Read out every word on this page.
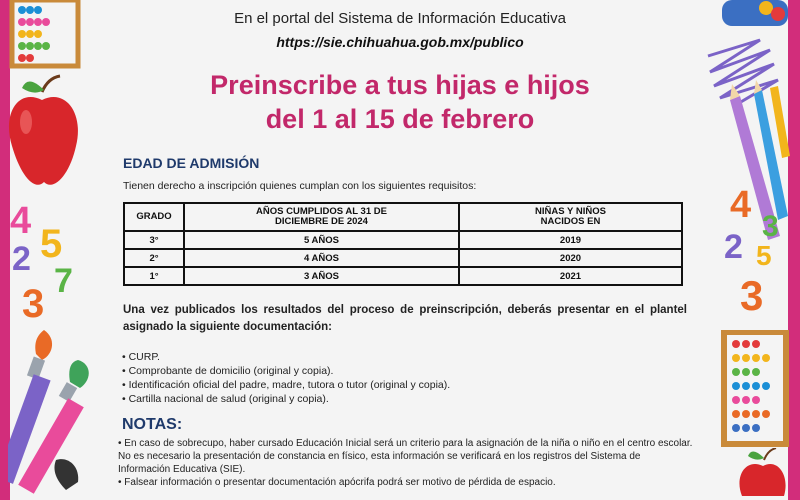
4
5
2
3
7
4
2
3
5
3
En el portal del Sistema de Información Educativa
https://sie.chihuahua.gob.mx/publico
Preinscribe a tus hijas e hijos
del 1 al 15 de febrero
EDAD DE ADMISIÓN
Tienen derecho a inscripción quienes cumplan con los siguientes requisitos:
GRADO	AÑOS CUMPLIDOS AL 31 DE DICIEMBRE DE 2024	NIÑAS Y NIÑOS NACIDOS EN
3°	5 AÑOS	2019
2°	4 AÑOS	2020
1°	3 AÑOS	2021
Una vez publicados los resultados del proceso de preinscripción, deberás presentar en el plantel asignado la siguiente documentación:
• CURP.
• Comprobante de domicilio (original y copia).
• Identificación oficial del padre, madre, tutora o tutor (original y copia).
• Cartilla nacional de salud (original y copia).
NOTAS:
• En caso de sobrecupo, haber cursado Educación Inicial será un criterio para la asignación de la niña o niño en el centro escolar. No es necesario la presentación de constancia en físico, esta información se verificará en los registros del Sistema de Información Educativa (SIE).
• Falsear información o presentar documentación apócrifa podrá ser motivo de pérdida de espacio.
